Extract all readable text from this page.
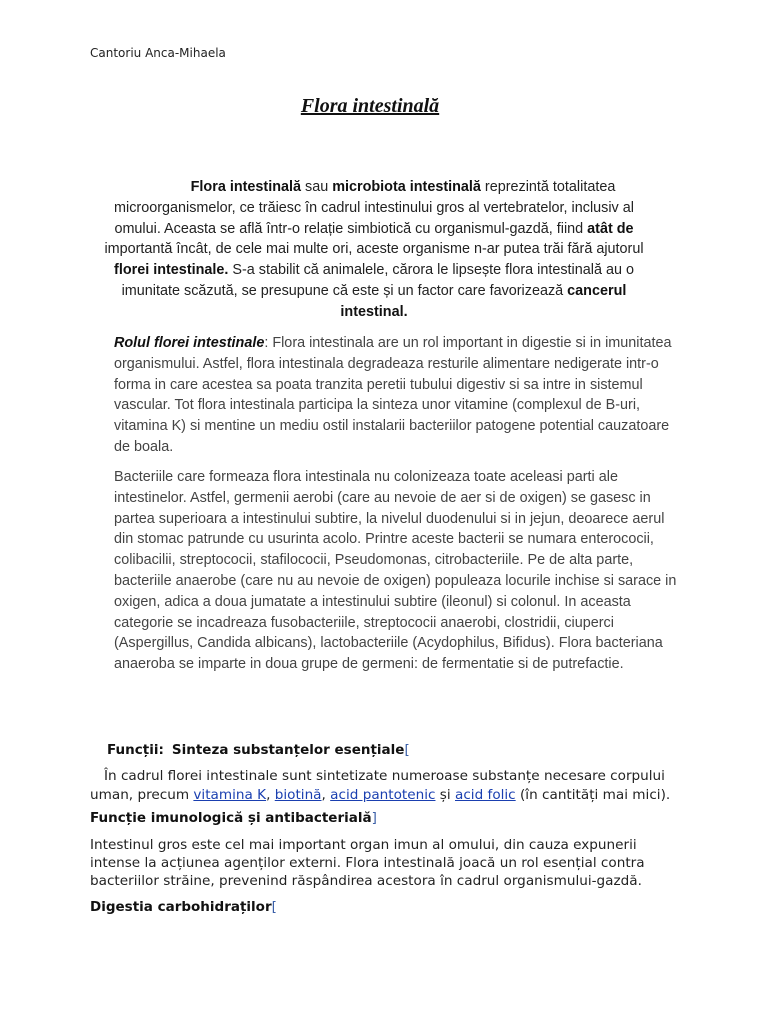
Cantoriu Anca-Mihaela
Flora intestinală
Flora intestinală sau microbiota intestinală reprezintă totalitatea microorganismelor, ce trăiesc în cadrul intestinului gros al vertebratelor, inclusiv al omului. Aceasta se află într-o relație simbiotică cu organismul-gazdă, fiind atât de importantă încât, de cele mai multe ori, aceste organisme n-ar putea trăi fără ajutorul florei intestinale. S-a stabilit că animalele, cărora le lipsește flora intestinală au o imunitate scăzută, se presupune că este și un factor care favorizează cancerul intestinal.
Rolul florei intestinale: Flora intestinala are un rol important in digestie si in imunitatea organismului. Astfel, flora intestinala degradeaza resturile alimentare nedigerate intr-o forma in care acestea sa poata tranzita peretii tubului digestiv si sa intre in sistemul vascular. Tot flora intestinala participa la sinteza unor vitamine (complexul de B-uri, vitamina K) si mentine un mediu ostil instalarii bacteriilor patogene potential cauzatoare de boala.
Bacteriile care formeaza flora intestinala nu colonizeaza toate aceleasi parti ale intestinelor. Astfel, germenii aerobi (care au nevoie de aer si de oxigen) se gasesc in partea superioara a intestinului subtire, la nivelul duodenului si in jejun, deoarece aerul din stomac patrunde cu usurinta acolo. Printre aceste bacterii se numara enterococii, colibacilii, streptococii, stafilococii, Pseudomonas, citrobacteriile. Pe de alta parte, bacteriile anaerobe (care nu au nevoie de oxigen) populeaza locurile inchise si sarace in oxigen, adica a doua jumatate a intestinului subtire (ileonul) si colonul. In aceasta categorie se incadreaza fusobacteriile, streptococii anaerobi, clostridii, ciuperci (Aspergillus, Candida albicans), lactobacteriile (Acydophilus, Bifidus). Flora bacteriana anaeroba se imparte in doua grupe de germeni: de fermentatie si de putrefactie.
Funcții: Sinteza substanțelor esențiale[
În cadrul florei intestinale sunt sintetizate numeroase substanțe necesare corpului uman, precum vitamina K, biotină, acid pantotenic și acid folic (în cantități mai mici).
Funcție imunologică și antibacterială]
Intestinul gros este cel mai important organ imun al omului, din cauza expunerii intense la acțiunea agenților externi. Flora intestinală joacă un rol esențial contra bacteriilor străine, prevenind răspândirea acestora în cadrul organismului-gazdă.
Digestia carbohidraților[
